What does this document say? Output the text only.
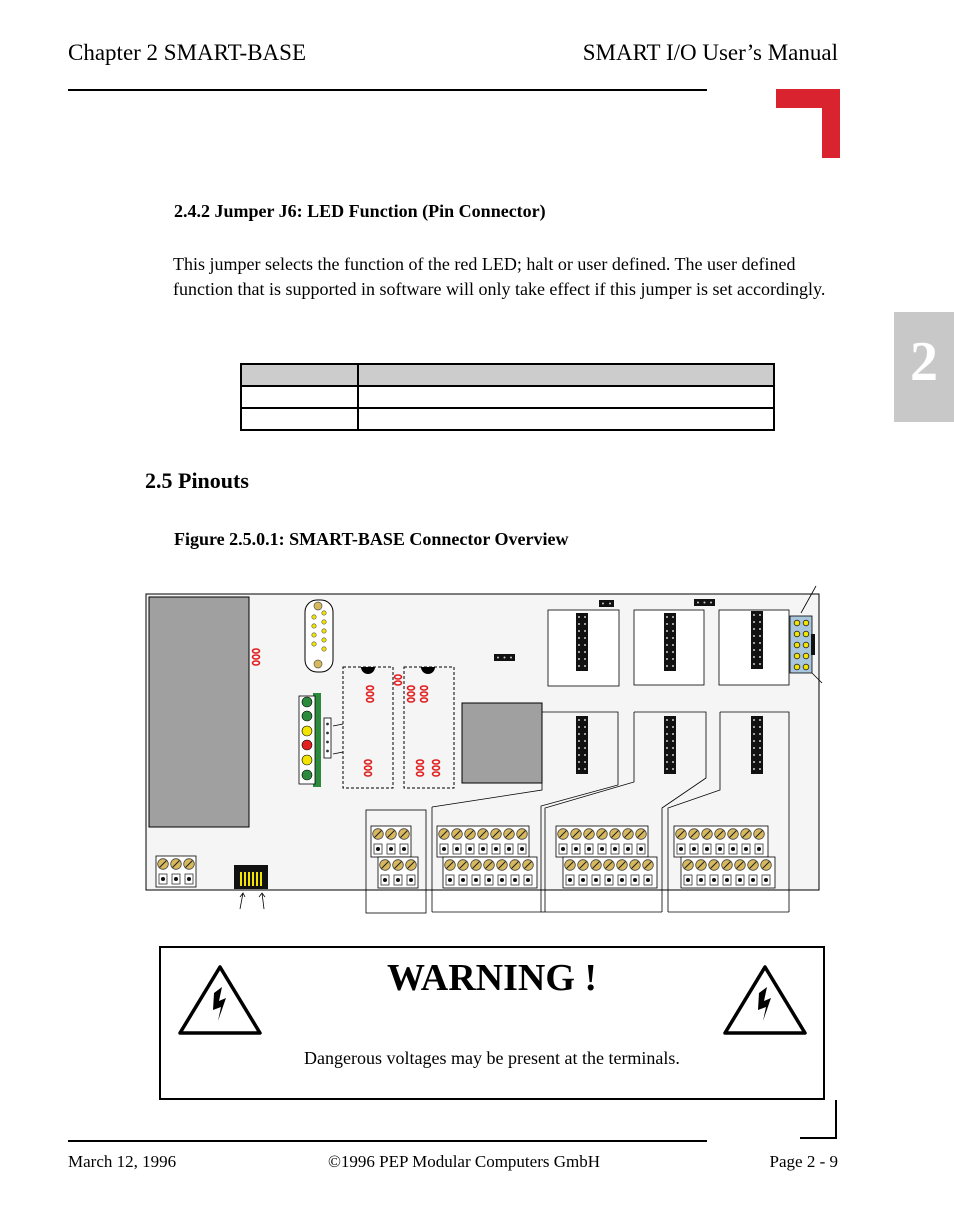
Chapter 2 SMART-BASE	SMART I/O User’s Manual
2
2.4.2 Jumper J6: LED Function (Pin Connector)
This jumper selects the function of the red LED; halt or user defined. The user defined function that is supported in software will only take effect if this jumper is set accordingly.

2.5 Pinouts
Figure 2.5.0.1: SMART-BASE Connector Overview
WARNING !
Dangerous voltages may be present at the terminals.
March 12, 1996	©1996 PEP Modular Computers GmbH	Page 2 - 9
